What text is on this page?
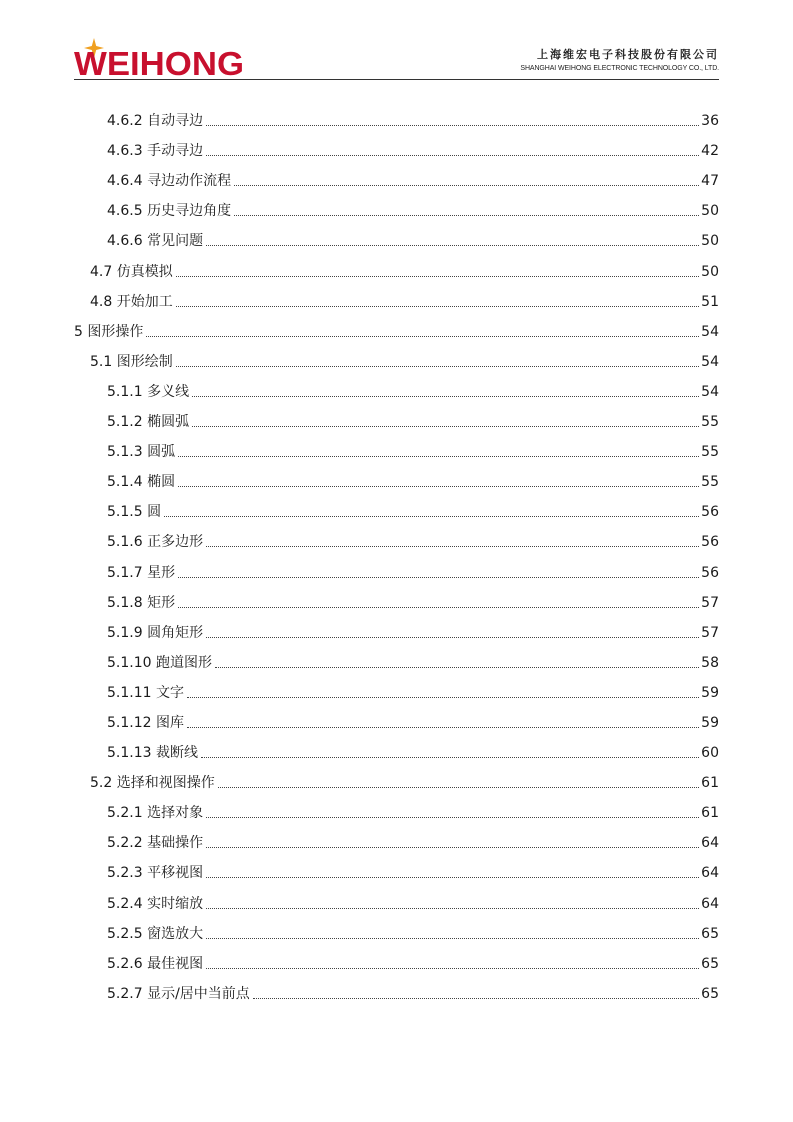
WEIHONG	上海维宏电子科技股份有限公司
SHANGHAI WEIHONG ELECTRONIC TECHNOLOGY CO., LTD.
4.6.2 自动寻边	36
4.6.3 手动寻边	42
4.6.4 寻边动作流程	47
4.6.5 历史寻边角度	50
4.6.6 常见问题	50
4.7 仿真模拟	50
4.8 开始加工	51
5 图形操作	54
5.1 图形绘制	54
5.1.1 多义线	54
5.1.2 椭圆弧	55
5.1.3 圆弧	55
5.1.4 椭圆	55
5.1.5 圆	56
5.1.6 正多边形	56
5.1.7 星形	56
5.1.8 矩形	57
5.1.9 圆角矩形	57
5.1.10 跑道图形	58
5.1.11 文字	59
5.1.12 图库	59
5.1.13 裁断线	60
5.2 选择和视图操作	61
5.2.1 选择对象	61
5.2.2 基础操作	64
5.2.3 平移视图	64
5.2.4 实时缩放	64
5.2.5 窗选放大	65
5.2.6 最佳视图	65
5.2.7 显示/居中当前点	65
